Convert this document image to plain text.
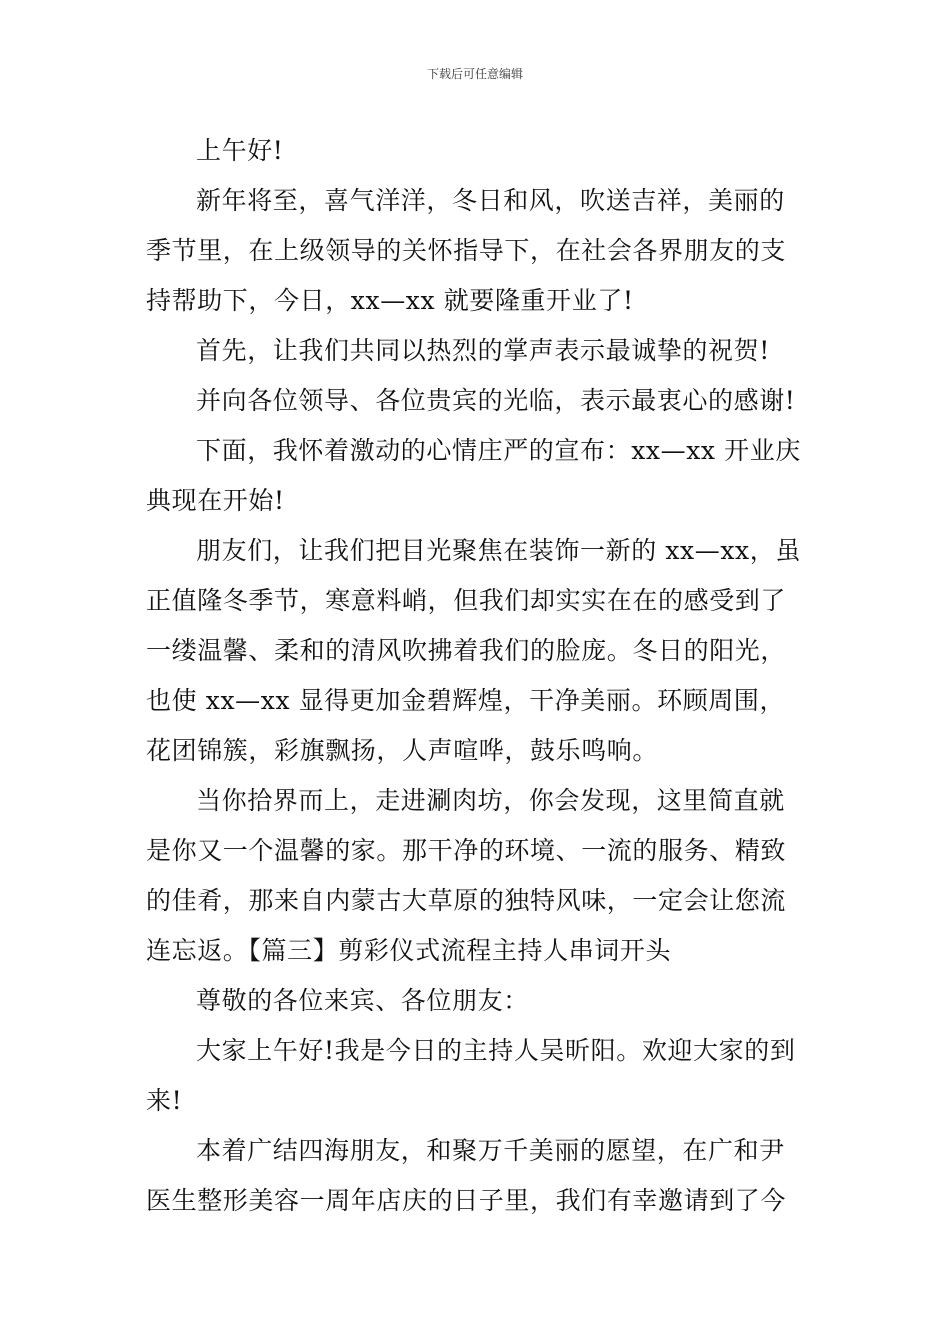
下载后可任意编辑

上午好!

新年将至，喜气洋洋，冬日和风，吹送吉祥，美丽的季节里，在上级领导的关怀指导下，在社会各界朋友的支持帮助下，今日，xx—xx 就要隆重开业了!

首先，让我们共同以热烈的掌声表示最诚挚的祝贺!

并向各位领导、各位贵宾的光临，表示最衷心的感谢!

下面，我怀着激动的心情庄严的宣布：xx—xx 开业庆典现在开始!

朋友们，让我们把目光聚焦在装饰一新的 xx—xx，虽正值隆冬季节，寒意料峭，但我们却实实在在的感受到了一缕温馨、柔和的清风吹拂着我们的脸庞。冬日的阳光，也使 xx—xx 显得更加金碧辉煌，干净美丽。环顾周围，花团锦簇，彩旗飘扬，人声喧哗，鼓乐鸣响。

当你拾界而上，走进涮肉坊，你会发现，这里简直就是你又一个温馨的家。那干净的环境、一流的服务、精致的佳肴，那来自内蒙古大草原的独特风味，一定会让您流连忘返。【篇三】剪彩仪式流程主持人串词开头

尊敬的各位来宾、各位朋友：

大家上午好!我是今日的主持人吴昕阳。欢迎大家的到来!

本着广结四海朋友，和聚万千美丽的愿望，在广和尹医生整形美容一周年店庆的日子里，我们有幸邀请到了今
